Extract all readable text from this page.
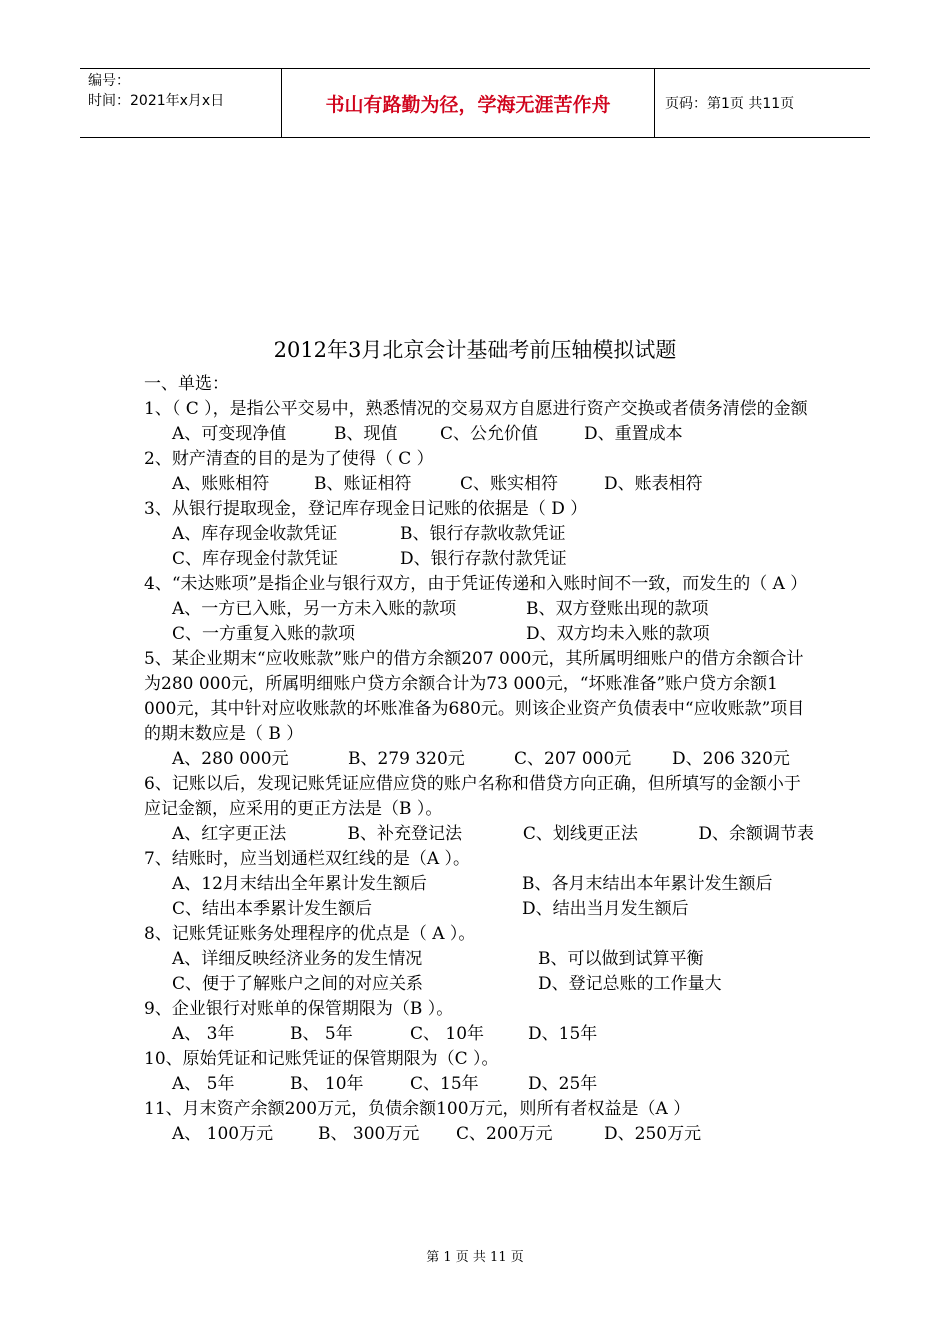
编号：
时间：2021年x月x日	书山有路勤为径，学海无涯苦作舟	页码：第1页 共11页
2012年3月北京会计基础考前压轴模拟试题
一、单选：
1、（ C ），是指公平交易中，熟悉情况的交易双方自愿进行资产交换或者债务清偿的金额
A、可变现净值	B、现值	C、公允价值	D、重置成本
2、财产清查的目的是为了使得（ C ）
A、账账相符	B、账证相符	C、账实相符	D、账表相符
3、从银行提取现金，登记库存现金日记账的依据是（ D ）
A、库存现金收款凭证	B、银行存款收款凭证
C、库存现金付款凭证	D、银行存款付款凭证
4、“未达账项”是指企业与银行双方，由于凭证传递和入账时间不一致，而发生的（ A ）
A、一方已入账，另一方未入账的款项	B、双方登账出现的款项
C、一方重复入账的款项	D、双方均未入账的款项
5、某企业期末“应收账款”账户的借方余额207 000元，其所属明细账户的借方余额合计为280 000元，所属明细账户贷方余额合计为73 000元，“坏账准备”账户贷方余额1 000元，其中针对应收账款的坏账准备为680元。则该企业资产负债表中“应收账款”项目的期末数应是（ B ）
A、280 000元	B、279 320元	C、207 000元	D、206 320元
6、记账以后，发现记账凭证应借应贷的账户名称和借贷方向正确，但所填写的金额小于应记金额，应采用的更正方法是（B ）。
A、红字更正法	B、补充登记法	C、划线更正法	D、余额调节表
7、结账时，应当划通栏双红线的是（A ）。
A、12月末结出全年累计发生额后	B、各月末结出本年累计发生额后
C、结出本季累计发生额后	D、结出当月发生额后
8、记账凭证账务处理程序的优点是（ A ）。
A、详细反映经济业务的发生情况	B、可以做到试算平衡
C、便于了解账户之间的对应关系	D、登记总账的工作量大
9、企业银行对账单的保管期限为（B ）。
A、 3年	B、 5年	C、 10年	D、15年
10、原始凭证和记账凭证的保管期限为（C ）。
A、 5年	B、 10年	C、15年	D、25年
11、月末资产余额200万元，负债余额100万元，则所有者权益是（A ）
A、 100万元	B、 300万元	C、200万元	D、250万元
第 1 页 共 11 页
